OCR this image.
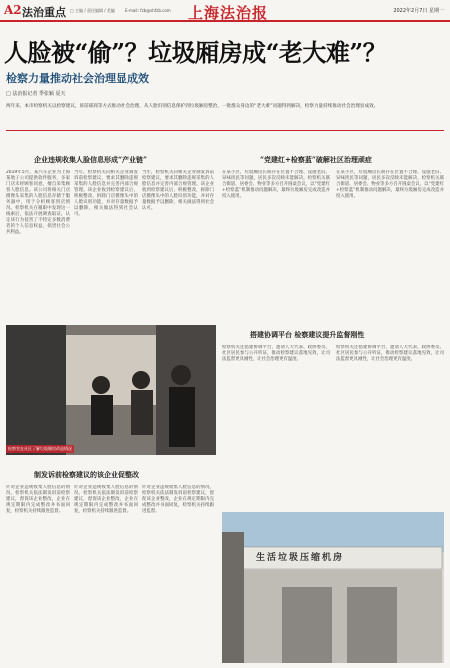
A2 法治重点 □ 主编 / 责任编辑 / 美编	E-mail: fzb@shfzb.com 上海法治报	2022年2月7日 星期一
人脸被“偷”？垃圾厢房成“老大难”？
检察力量推动社会治理显成效
□ 法治报记者 季张颖 夏天
两年来，本市检察机关以检察建议、诉前磋商等方式推动社会治理，从人脸识别信息保护到垃圾厢房整治，一批群众身边的“老大难”问题得到解决，检察力量持续推动社会治理显成效。
企业违规收集人脸信息形成“产业链”
2019年5月，某汽车企业为上海某地子公司提供软件服务，多家门店未经顾客同意，擅自采集顾客人脸信息。该公司将相关门店摄像头采集的人脸信息存储于服务器中，用于分析顾客到店情况。检察机关在履职中发现这一线索后，依法开展调查取证，认定该行为侵害了不特定多数消费者的个人信息权益，损害社会公共利益。
当年，检察机关向相关企业制发诉前检察建议，要求其删除违规采集的人脸信息并完善内部合规管理。该企业收到检察建议后，积极整改，拆除门店摄像头中的人脸识别功能，并对存量数据予以删除，相关做法得到社会认可。
当年，检察机关向相关企业制发诉前检察建议，要求其删除违规采集的人脸信息并完善内部合规管理。该企业收到检察建议后，积极整改，拆除门店摄像头中的人脸识别功能，并对存量数据予以删除，相关做法得到社会认可。
“党建红+检察蓝”破解社区治理顽症
在某小区，垃圾厢房长期存在位置不合理、设施老旧、异味扰民等问题，居民多次反映未能解决。检察机关联合街道、居委会、物业等多方召开圆桌会议，以“党建红+检察蓝”机制推动问题解决，最终垃圾厢房完成改造并投入使用。
在某小区，垃圾厢房长期存在位置不合理、设施老旧、异味扰民等问题，居民多次反映未能解决。检察机关联合街道、居委会、物业等多方召开圆桌会议，以“党建红+检察蓝”机制推动问题解决，最终垃圾厢房完成改造并投入使用。
检察官在社区了解垃圾厢房改造情况
搭建协调平台 检察建议提升监督刚性
检察机关还搭建协调平台，邀请人大代表、政协委员、社区居民参与公开听证，推动检察建议落地见效，让司法监督更具刚性，让社会治理更有温度。
检察机关还搭建协调平台，邀请人大代表、政协委员、社区居民参与公开听证，推动检察建议落地见效，让司法监督更具刚性，让社会治理更有温度。
制发诉前检察建议的该企业促整改
针对企业违规收集人脸信息的情况，检察机关依法制发诉前检察建议，督促该企业整改，企业在规定期限内完成整改并书面回复，检察机关持续跟进监督。
针对企业违规收集人脸信息的情况，检察机关依法制发诉前检察建议，督促该企业整改，企业在规定期限内完成整改并书面回复，检察机关持续跟进监督。
针对企业违规收集人脸信息的情况，检察机关依法制发诉前检察建议，督促该企业整改，企业在规定期限内完成整改并书面回复，检察机关持续跟进监督。
生活垃圾压缩机房
